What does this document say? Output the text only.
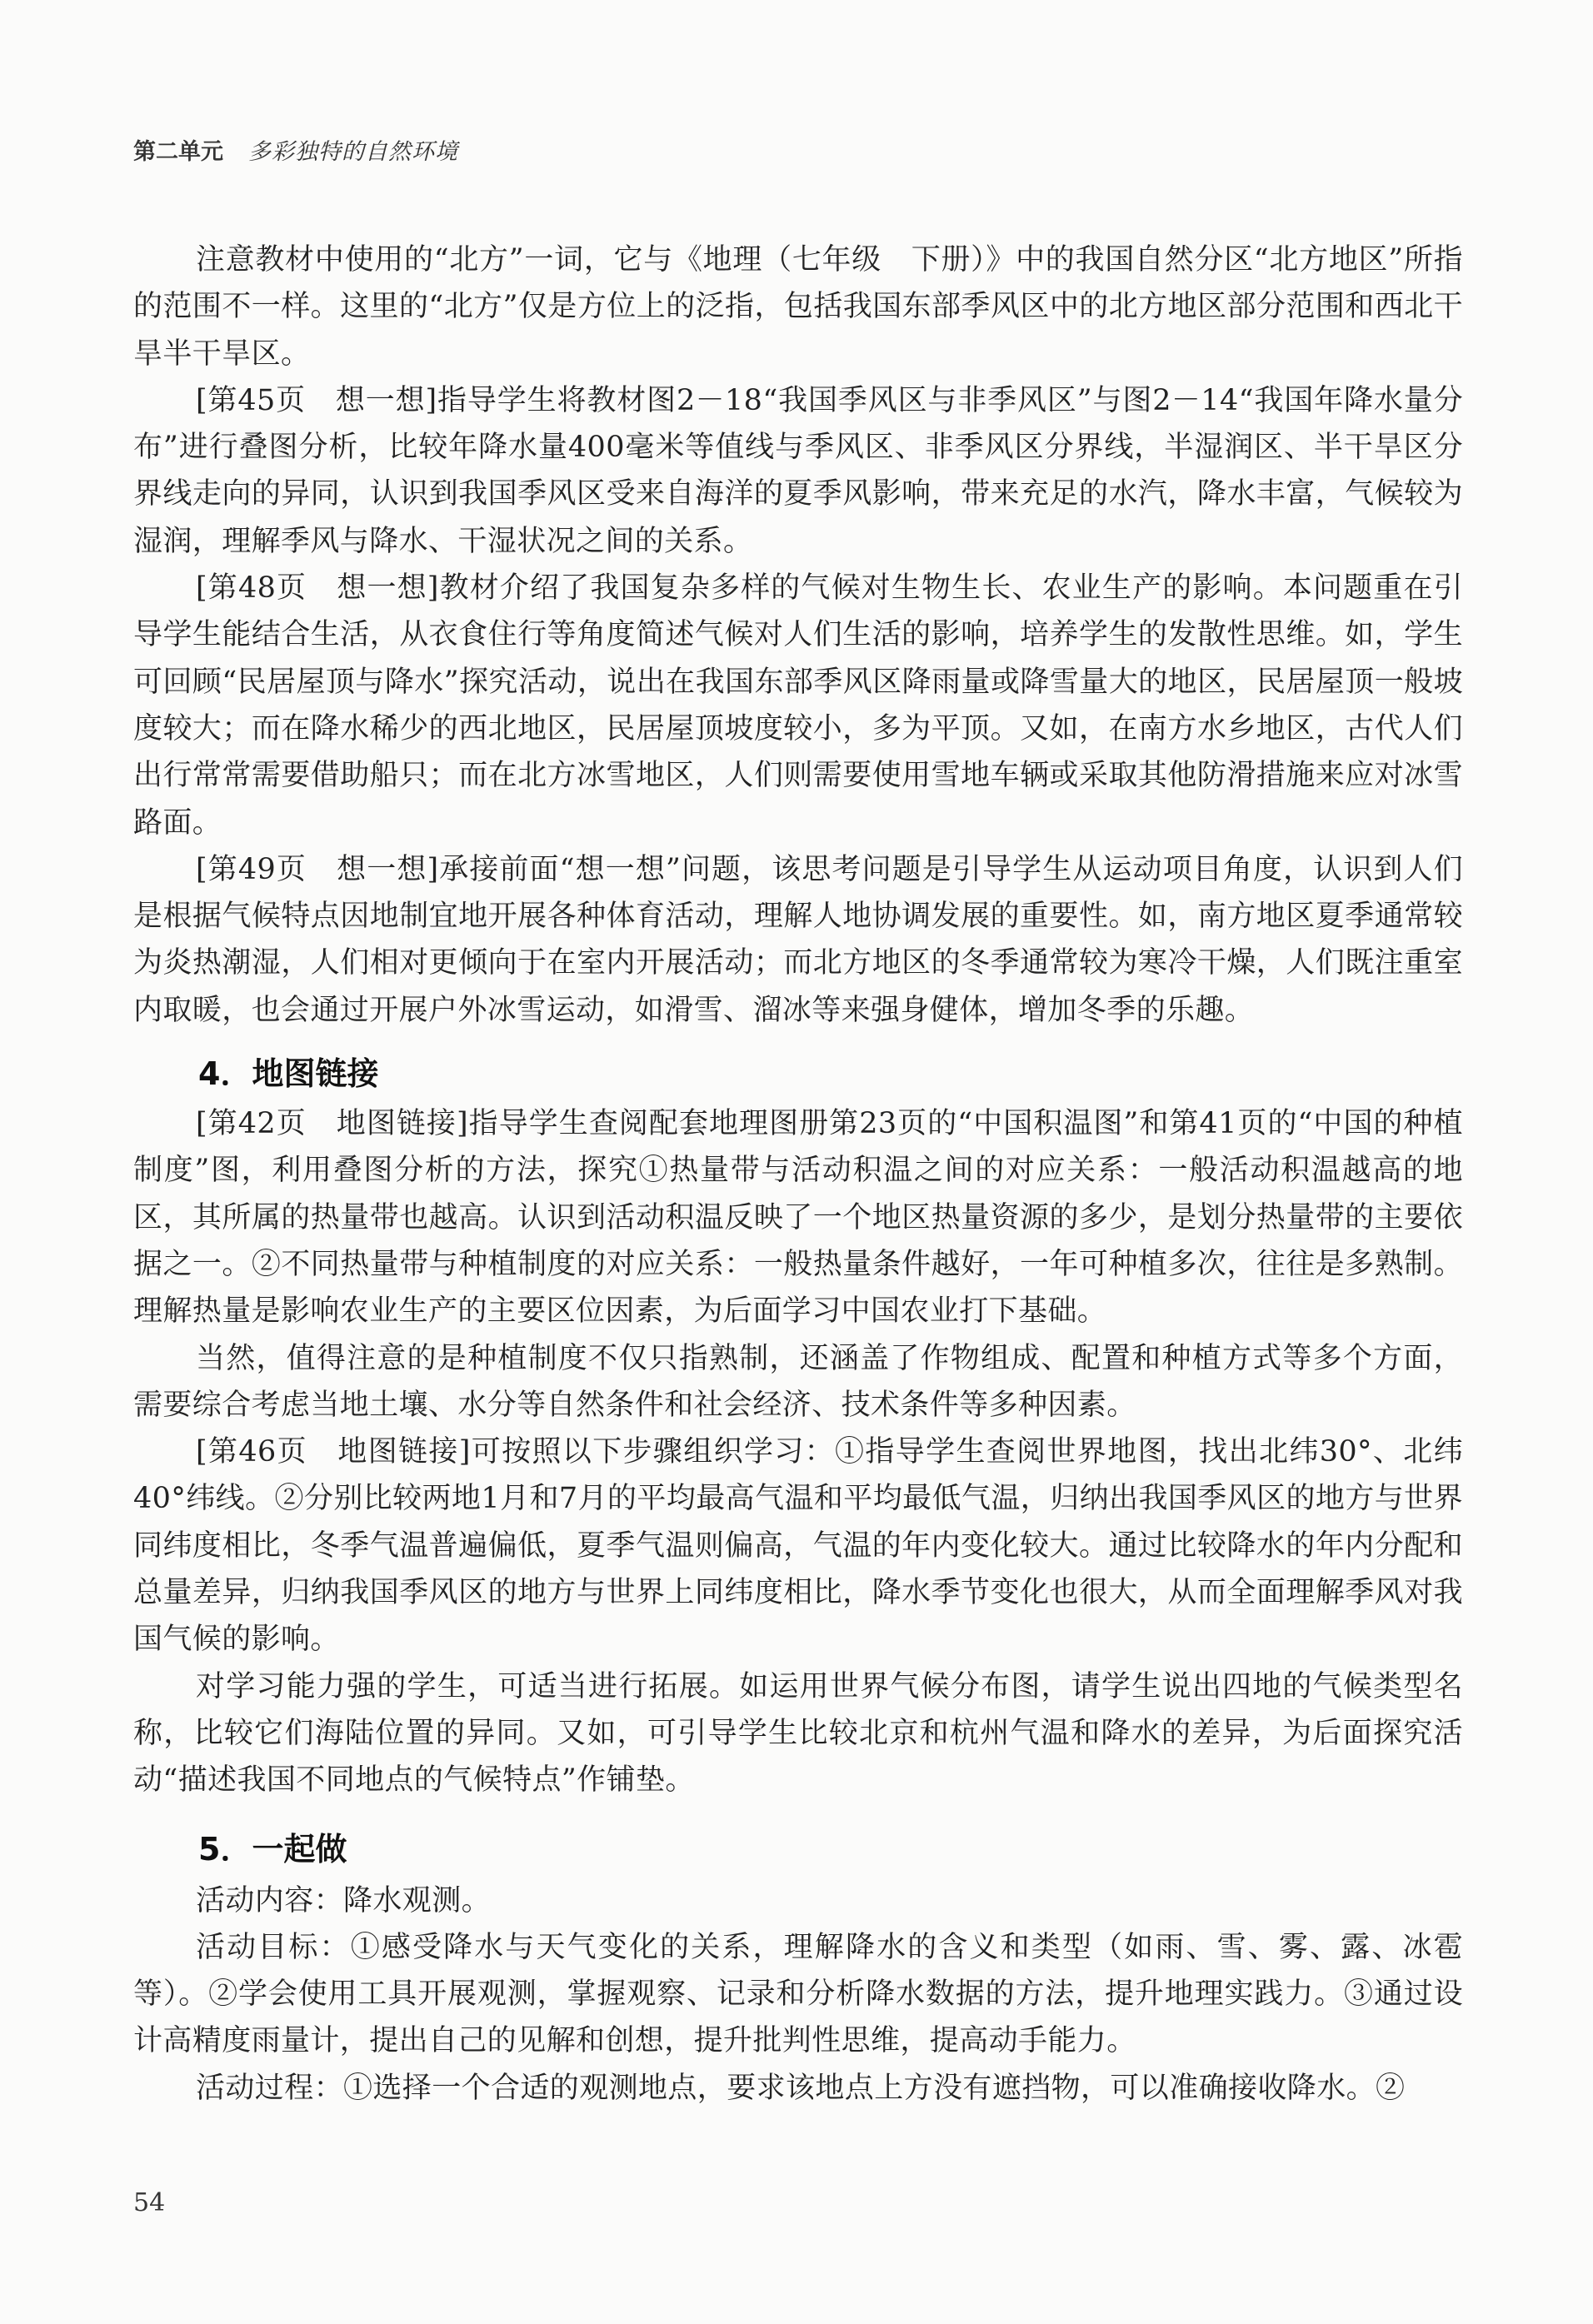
第二单元 多彩独特的自然环境

注意教材中使用的“北方”一词，它与《地理（七年级　下册）》中的我国自然分区“北方地区”所指的范围不一样。这里的“北方”仅是方位上的泛指，包括我国东部季风区中的北方地区部分范围和西北干旱半干旱区。

[第45页　想一想]指导学生将教材图2－18“我国季风区与非季风区”与图2－14“我国年降水量分布”进行叠图分析，比较年降水量400毫米等值线与季风区、非季风区分界线，半湿润区、半干旱区分界线走向的异同，认识到我国季风区受来自海洋的夏季风影响，带来充足的水汽，降水丰富，气候较为湿润，理解季风与降水、干湿状况之间的关系。

[第48页　想一想]教材介绍了我国复杂多样的气候对生物生长、农业生产的影响。本问题重在引导学生能结合生活，从衣食住行等角度简述气候对人们生活的影响，培养学生的发散性思维。如，学生可回顾“民居屋顶与降水”探究活动，说出在我国东部季风区降雨量或降雪量大的地区，民居屋顶一般坡度较大；而在降水稀少的西北地区，民居屋顶坡度较小，多为平顶。又如，在南方水乡地区，古代人们出行常常需要借助船只；而在北方冰雪地区，人们则需要使用雪地车辆或采取其他防滑措施来应对冰雪路面。

[第49页　想一想]承接前面“想一想”问题，该思考问题是引导学生从运动项目角度，认识到人们是根据气候特点因地制宜地开展各种体育活动，理解人地协调发展的重要性。如，南方地区夏季通常较为炎热潮湿，人们相对更倾向于在室内开展活动；而北方地区的冬季通常较为寒冷干燥，人们既注重室内取暖，也会通过开展户外冰雪运动，如滑雪、溜冰等来强身健体，增加冬季的乐趣。

4．地图链接

[第42页　地图链接]指导学生查阅配套地理图册第23页的“中国积温图”和第41页的“中国的种植制度”图，利用叠图分析的方法，探究①热量带与活动积温之间的对应关系：一般活动积温越高的地区，其所属的热量带也越高。认识到活动积温反映了一个地区热量资源的多少，是划分热量带的主要依据之一。②不同热量带与种植制度的对应关系：一般热量条件越好，一年可种植多次，往往是多熟制。理解热量是影响农业生产的主要区位因素，为后面学习中国农业打下基础。

当然，值得注意的是种植制度不仅只指熟制，还涵盖了作物组成、配置和种植方式等多个方面，需要综合考虑当地土壤、水分等自然条件和社会经济、技术条件等多种因素。

[第46页　地图链接]可按照以下步骤组织学习：①指导学生查阅世界地图，找出北纬30°、北纬40°纬线。②分别比较两地1月和7月的平均最高气温和平均最低气温，归纳出我国季风区的地方与世界同纬度相比，冬季气温普遍偏低，夏季气温则偏高，气温的年内变化较大。通过比较降水的年内分配和总量差异，归纳我国季风区的地方与世界上同纬度相比，降水季节变化也很大，从而全面理解季风对我国气候的影响。

对学习能力强的学生，可适当进行拓展。如运用世界气候分布图，请学生说出四地的气候类型名称，比较它们海陆位置的异同。又如，可引导学生比较北京和杭州气温和降水的差异，为后面探究活动“描述我国不同地点的气候特点”作铺垫。

5．一起做

活动内容：降水观测。

活动目标：①感受降水与天气变化的关系，理解降水的含义和类型（如雨、雪、雾、露、冰雹等）。②学会使用工具开展观测，掌握观察、记录和分析降水数据的方法，提升地理实践力。③通过设计高精度雨量计，提出自己的见解和创想，提升批判性思维，提高动手能力。

活动过程：①选择一个合适的观测地点，要求该地点上方没有遮挡物，可以准确接收降水。②

54
